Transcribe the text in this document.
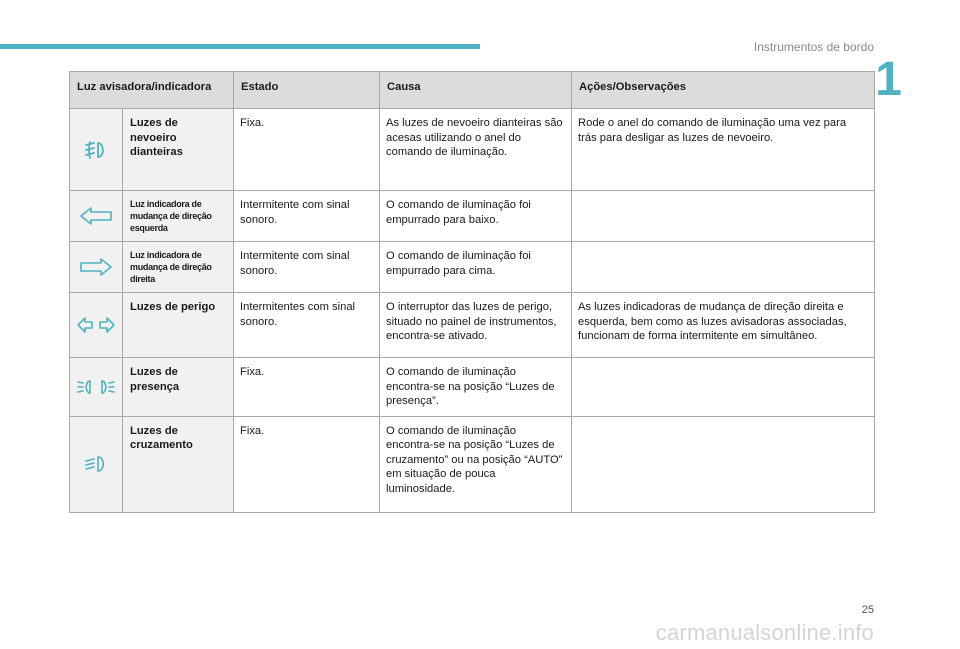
Instrumentos de bordo
1
Luz avisadora/indicadora		Estado	Causa	Ações/Observações

	Luzes de nevoeiro dianteiras	Fixa.	As luzes de nevoeiro dianteiras são acesas utilizando o anel do comando de iluminação.	Rode o anel do comando de iluminação uma vez para trás para desligar as luzes de nevoeiro.

	Luz indicadora de mudança de direção esquerda	Intermitente com sinal sonoro.	O comando de iluminação foi empurrado para baixo.	

	Luz indicadora de mudança de direção direita	Intermitente com sinal sonoro.	O comando de iluminação foi empurrado para cima.	

	Luzes de perigo	Intermitentes com sinal sonoro.	O interruptor das luzes de perigo, situado no painel de instrumentos, encontra-se ativado.	As luzes indicadoras de mudança de direção direita e esquerda, bem como as luzes avisadoras associadas, funcionam de forma intermitente em simultâneo.

	Luzes de presença	Fixa.	O comando de iluminação encontra-se na posição “Luzes de presença”.	

	Luzes de cruzamento	Fixa.	O comando de iluminação encontra-se na posição “Luzes de cruzamento” ou na posição “AUTO” em situação de pouca luminosidade.	
25
carmanualsonline.info
